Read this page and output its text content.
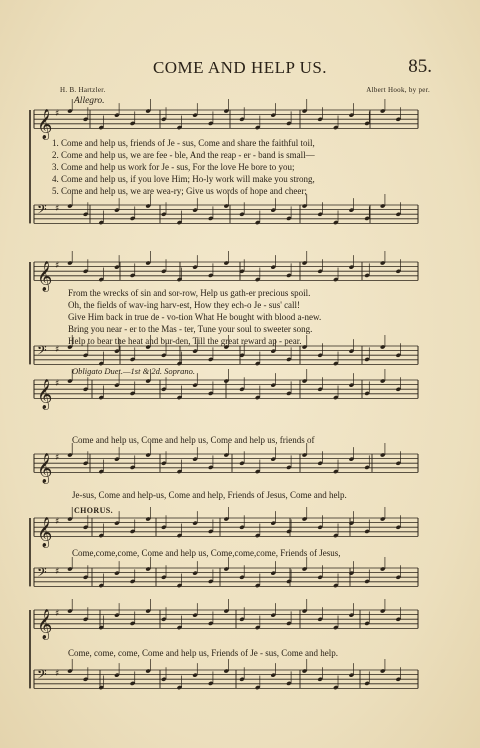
COME AND HELP US.	85.
H. B. Hartzler.	Albert Hook, by per.
Allegro.
𝄞 ♯
𝄢 ♯
𝄞 ♯
𝄢 ♯
𝄞 ♯
𝄞 ♯
𝄞 ♯
𝄢 ♯
𝄞 ♯
𝄢 ♯
1. Come and help us, friends of Je - sus, Come and share the faithful toil,
2. Come and help us, we are fee - ble, And the reap - er - band is small—
3. Come and help us work for Je - sus, For the love He bore to you;
4. Come and help us, if you love Him; Ho-ly work will make you strong,
5. Come and help us, we are wea-ry; Give us words of hope and cheer;
From the wrecks of sin and sor-row, Help us gath-er precious spoil.
Oh, the fields of wav-ing harv-est, How they ech-o Je - sus' call!
Give Him back in true de - vo-tion What He bought with blood a-new.
Bring you near - er to the Mas - ter, Tune your soul to sweeter song.
Help to bear the heat and bur-den, Till the great reward ap - pear.
Obligato Duet.—1st & 2d. Soprano.
Come and help us, Come and help us, Come and help us, friends of
Je-sus, Come and help-us, Come and help, Friends of Jesus, Come and help.
CHORUS.
Come,come,come, Come and help us, Come,come,come, Friends of Jesus,
Come, come, come, Come and help us, Friends of Je - sus, Come and help.
